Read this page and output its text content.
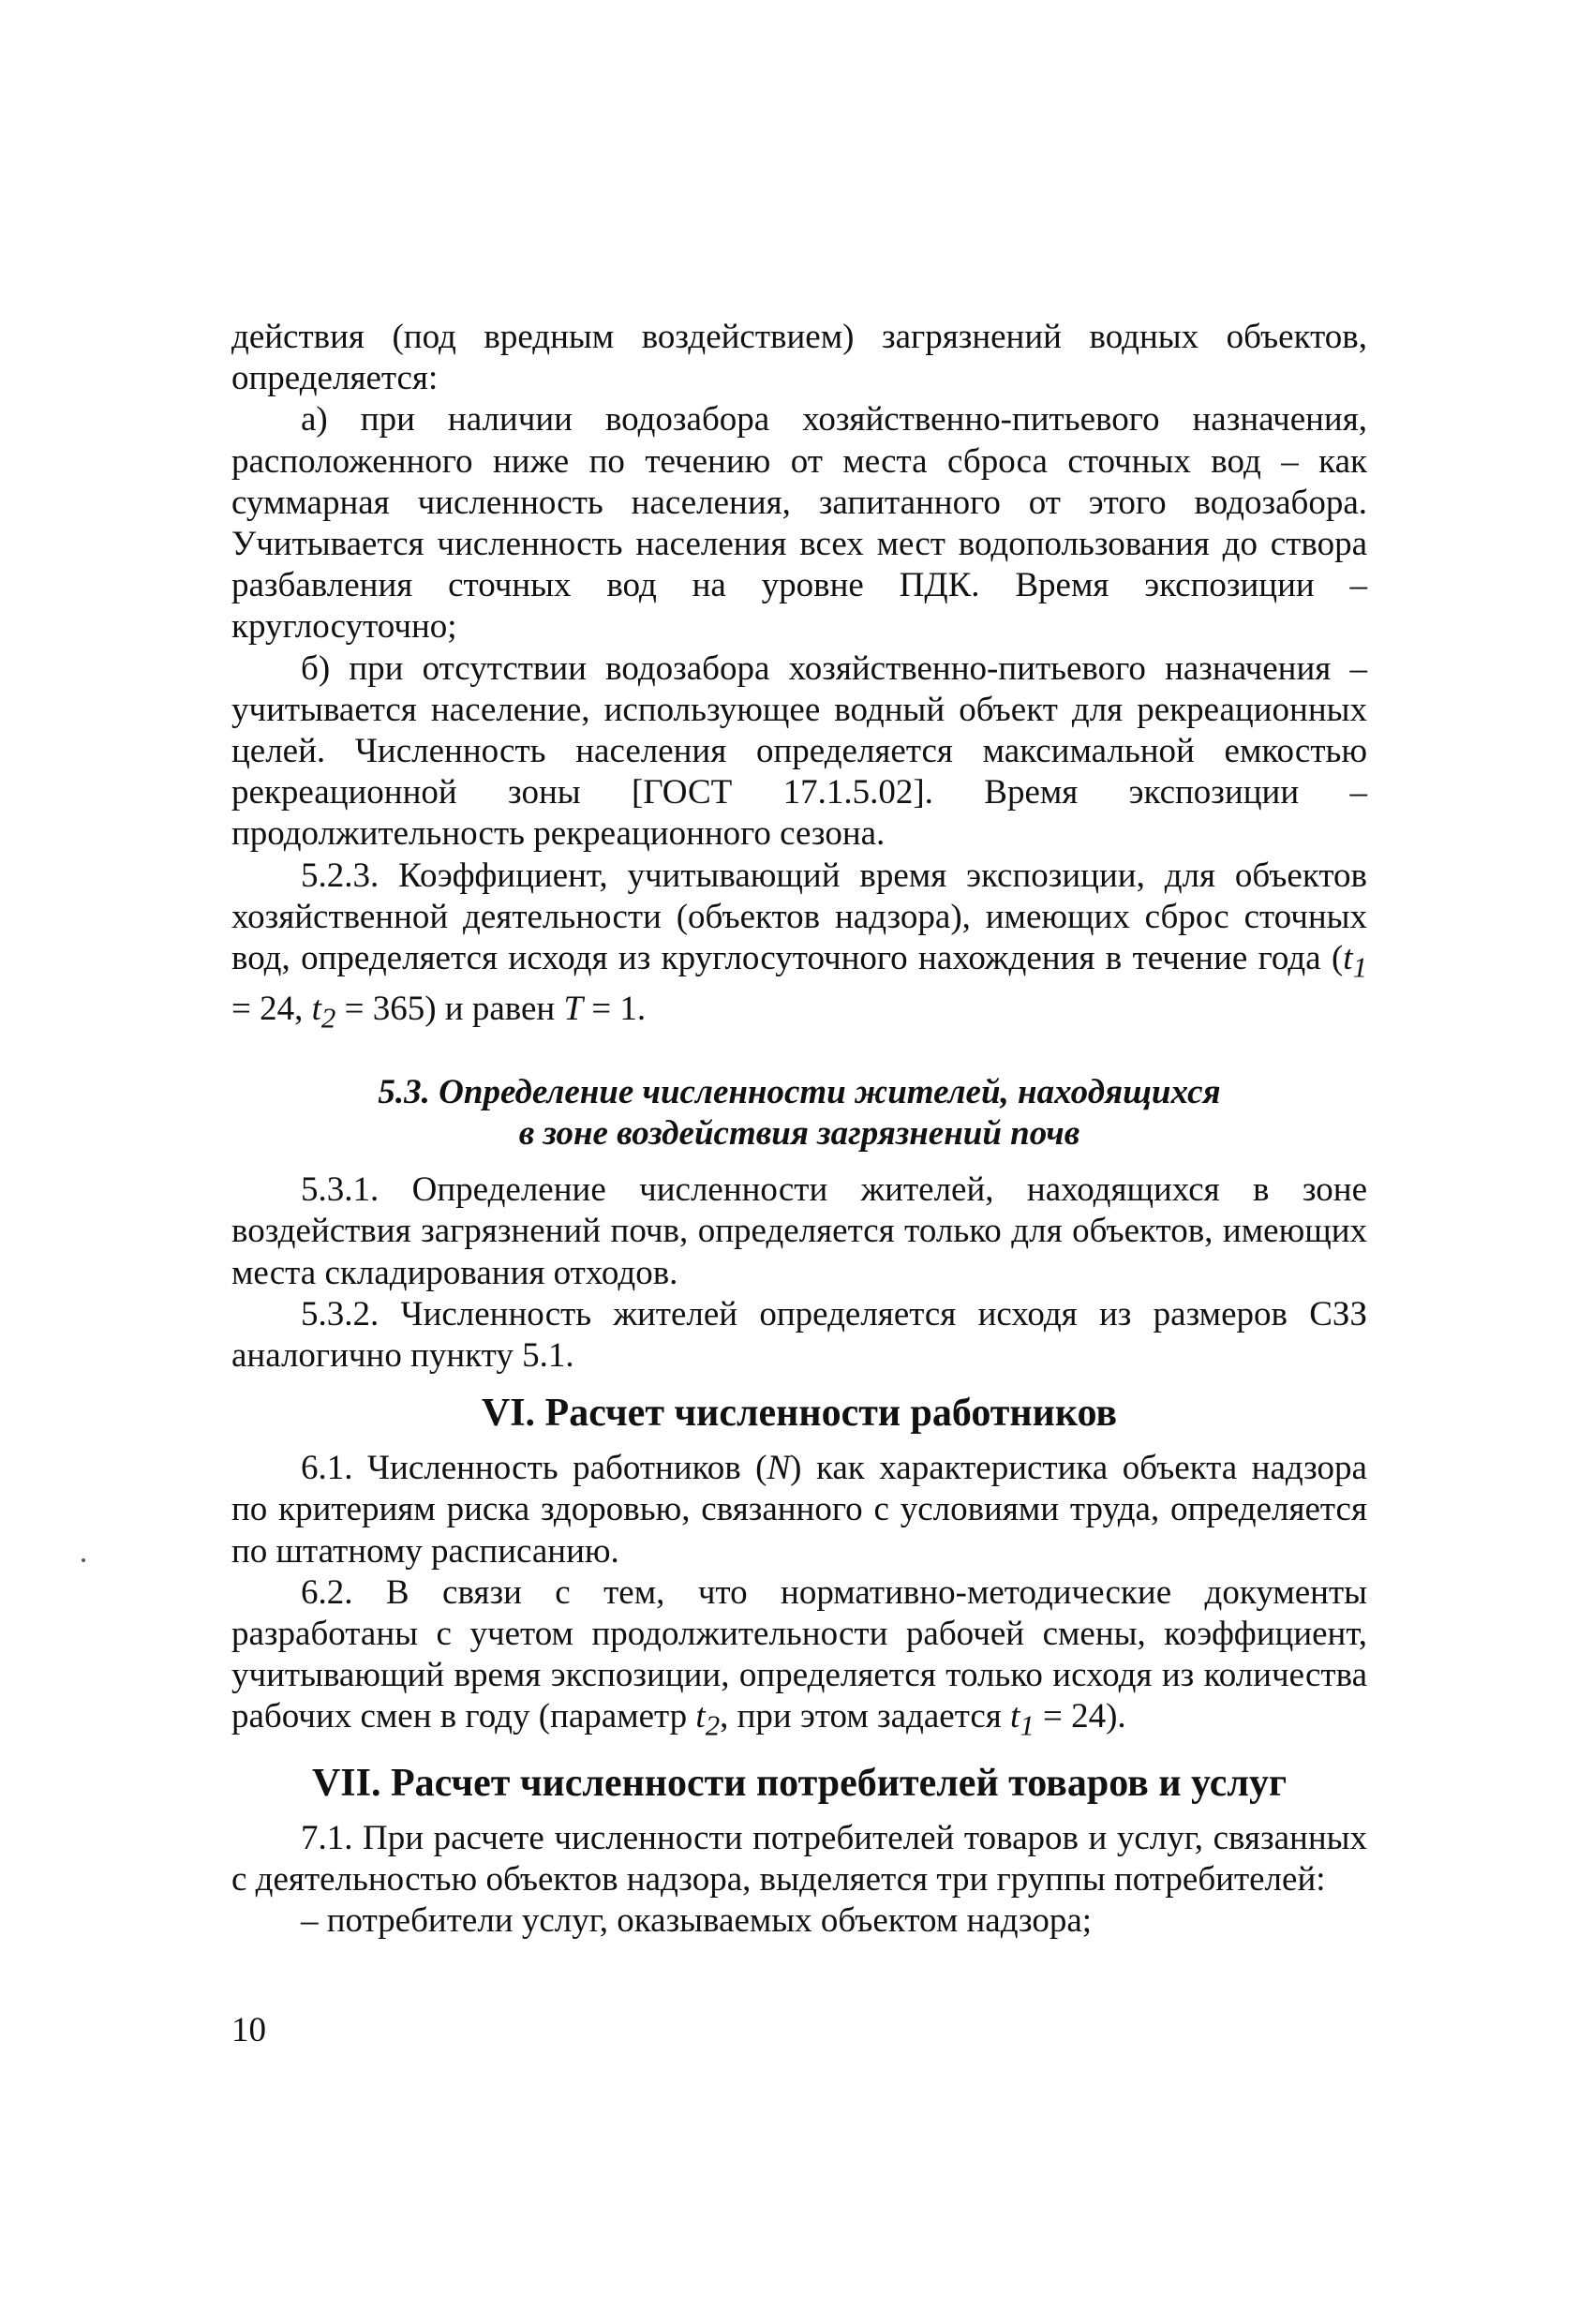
действия (под вредным воздействием) загрязнений водных объектов, определяется:

а) при наличии водозабора хозяйственно-питьевого назначения, расположенного ниже по течению от места сброса сточных вод – как суммарная численность населения, запитанного от этого водозабора. Учитывается численность населения всех мест водопользования до створа разбавления сточных вод на уровне ПДК. Время экспозиции – круглосуточно;

б) при отсутствии водозабора хозяйственно-питьевого назначения – учитывается население, использующее водный объект для рекреационных целей. Численность населения определяется максимальной емкостью рекреационной зоны [ГОСТ 17.1.5.02]. Время экспозиции – продолжительность рекреационного сезона.

5.2.3. Коэффициент, учитывающий время экспозиции, для объектов хозяйственной деятельности (объектов надзора), имеющих сброс сточных вод, определяется исходя из круглосуточного нахождения в течение года ($t_1 = 24$, $t_2 = 365$) и равен T = 1.

5.3. Определение численности жителей, находящихся
в зоне воздействия загрязнений почв

5.3.1. Определение численности жителей, находящихся в зоне воздействия загрязнений почв, определяется только для объектов, имеющих места складирования отходов.

5.3.2. Численность жителей определяется исходя из размеров СЗЗ аналогично пункту 5.1.

VI. Расчет численности работников

6.1. Численность работников (N) как характеристика объекта надзора по критериям риска здоровью, связанного с условиями труда, определяется по штатному расписанию.

6.2. В связи с тем, что нормативно-методические документы разработаны с учетом продолжительности рабочей смены, коэффициент, учитывающий время экспозиции, определяется только исходя из количества рабочих смен в году (параметр $t_2$, при этом задается $t_1 = 24$).

VII. Расчет численности потребителей товаров и услуг

7.1. При расчете численности потребителей товаров и услуг, связанных с деятельностью объектов надзора, выделяется три группы потребителей:

– потребители услуг, оказываемых объектом надзора;

10
